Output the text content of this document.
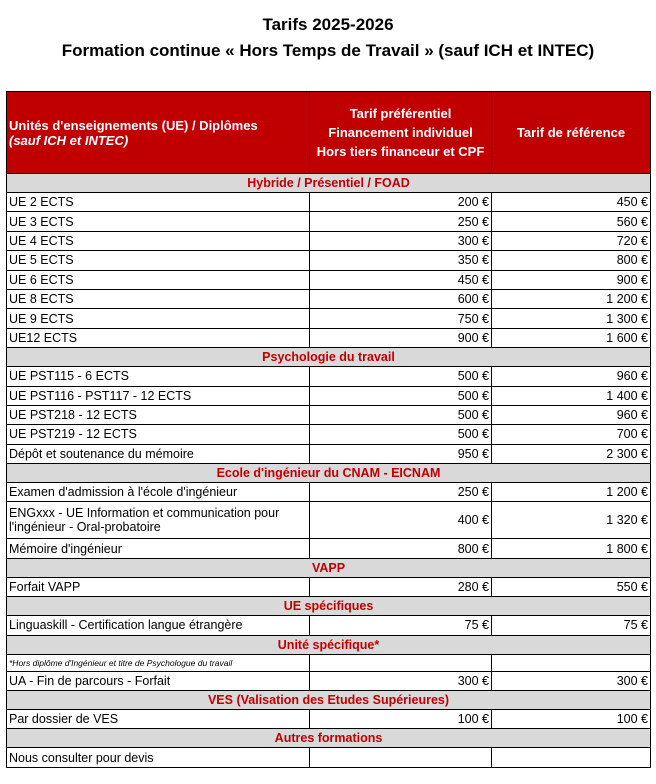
Tarifs 2025-2026
Formation continue « Hors Temps de Travail » (sauf ICH et INTEC)
Unités d'enseignements (UE) / Diplômes
(sauf ICH et INTEC)	Tarif préférentiel Financement individuel Hors tiers financeur et CPF	Tarif de référence
Hybride / Présentiel / FOAD		
UE 2 ECTS	200 €	450 €
UE 3 ECTS	250 €	560 €
UE 4 ECTS	300 €	720 €
UE 5 ECTS	350 €	800 €
UE 6 ECTS	450 €	900 €
UE 8 ECTS	600 €	1 200 €
UE 9 ECTS	750 €	1 300 €
UE12 ECTS	900 €	1 600 €
Psychologie du travail		
UE PST115 - 6 ECTS	500 €	960 €
UE PST116 - PST117 - 12 ECTS	500 €	1 400 €
UE PST218 - 12 ECTS	500 €	960 €
UE PST219 - 12 ECTS	500 €	700 €
Dépôt et soutenance du mémoire	950 €	2 300 €
Ecole d'ingénieur du CNAM - EICNAM		
Examen d'admission à l'école d'ingénieur	250 €	1 200 €
ENGxxx - UE Information et communication pour l'ingénieur - Oral-probatoire	400 €	1 320 €
Mémoire d'ingénieur	800 €	1 800 €
VAPP		
Forfait VAPP	280 €	550 €
UE spécifiques		
Linguaskill - Certification langue étrangère	75 €	75 €
Unité spécifique*		
*Hors diplôme d'Ingénieur et titre de Psychologue du travail		
UA - Fin de parcours - Forfait	300 €	300 €
VES (Valisation des Etudes Supérieures)		
Par dossier de VES	100 €	100 €
Autres formations		
Nous consulter pour devis		
